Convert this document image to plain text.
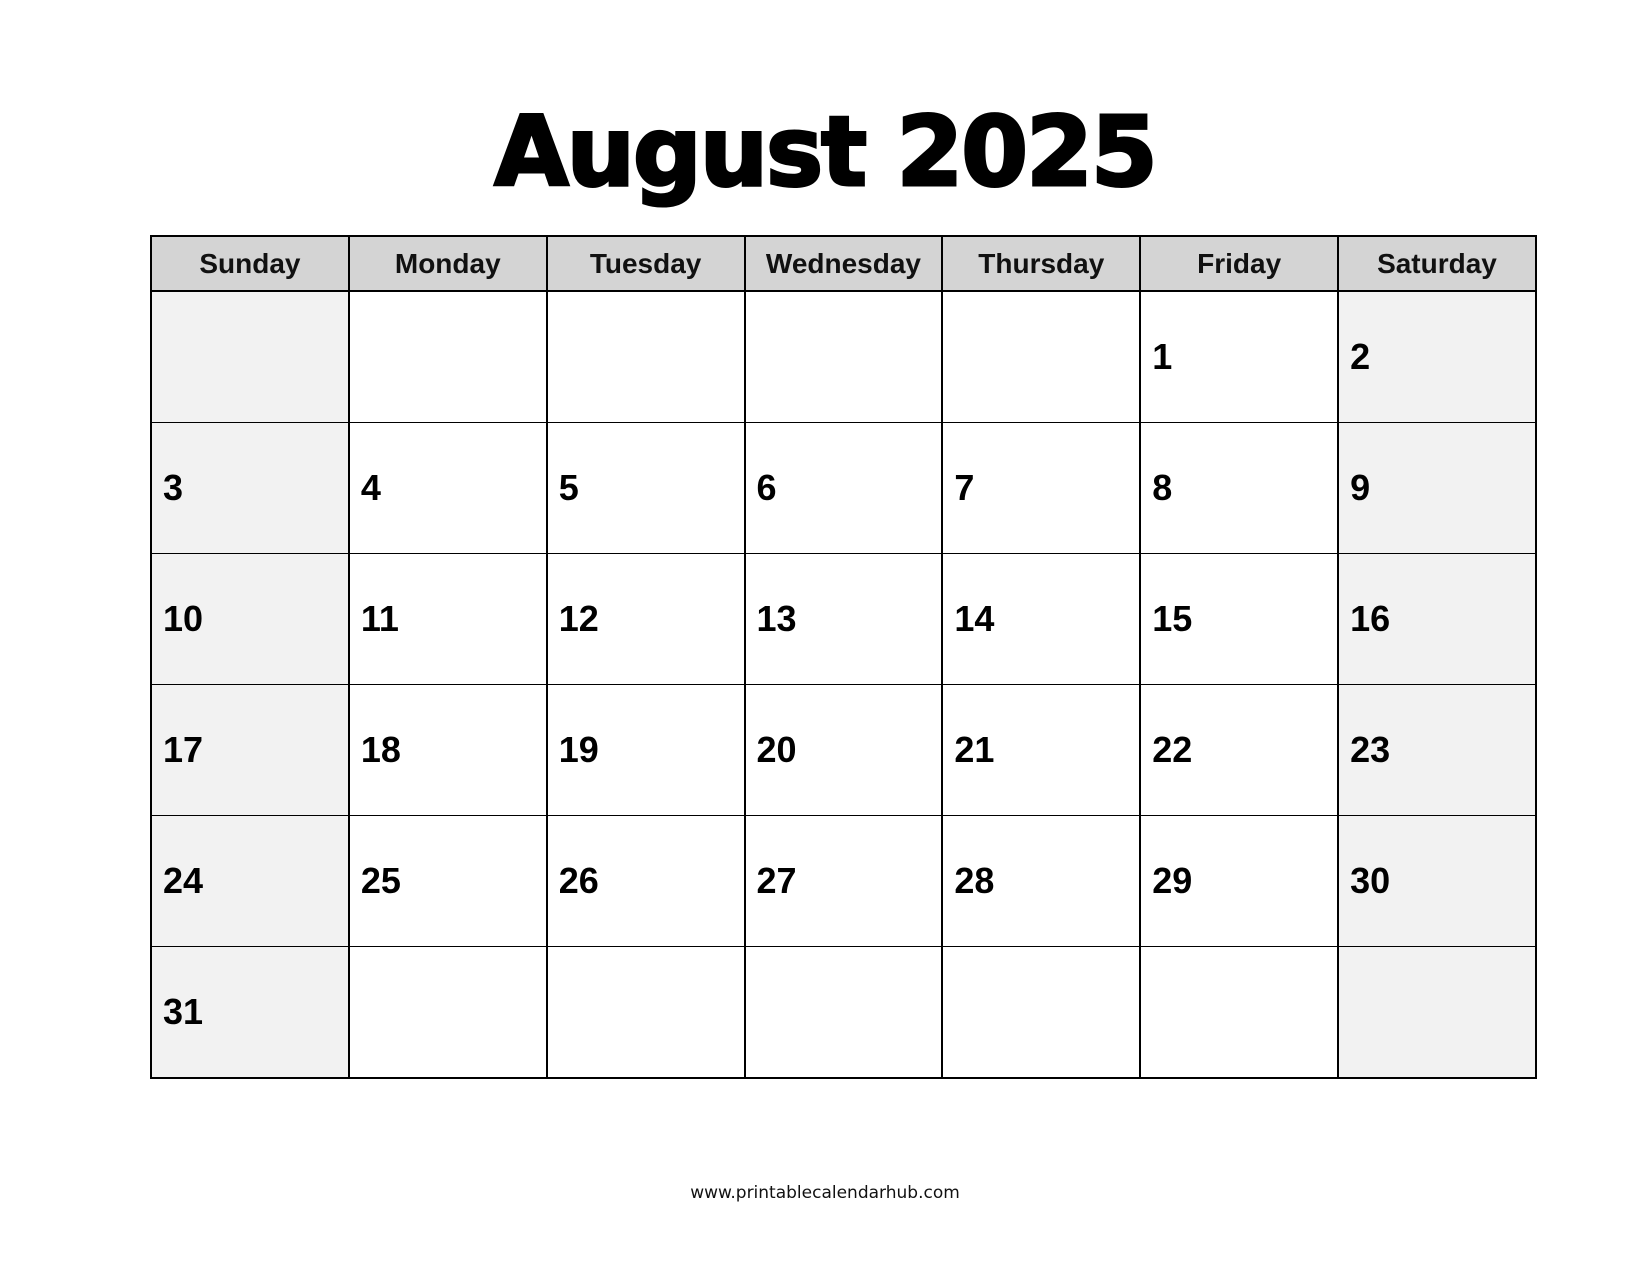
August 2025
Sunday	Monday	Tuesday	Wednesday	Thursday	Friday	Saturday
					1	2
3	4	5	6	7	8	9
10	11	12	13	14	15	16
17	18	19	20	21	22	23
24	25	26	27	28	29	30
31						
www.printablecalendarhub.com
